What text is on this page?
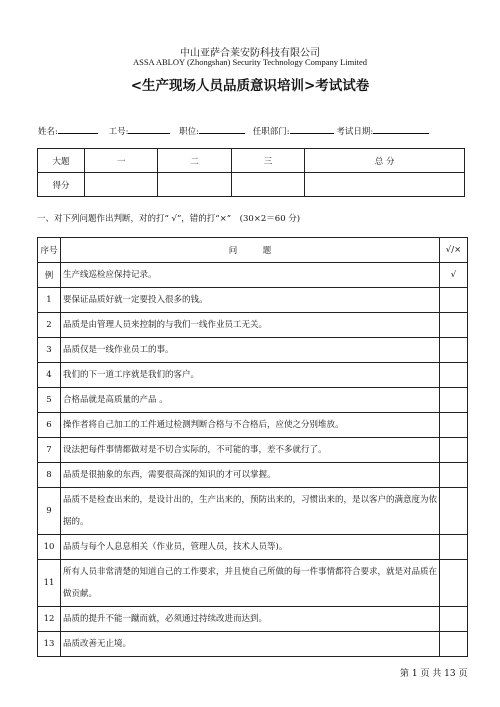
中山亚萨合莱安防科技有限公司
ASSA ABLOY (Zhongshan) Security Technology Company Limited
<生产现场人员品质意识培训>考试试卷
姓名:	工号:	职位:	任职部门:	考试日期:
大题	一	二	三	总 分
得分				
一、对下列问题作出判断，对的打“ √”，错的打“×”　(30×2＝60 分)
序号	问　　　题	√/×
例	生产线巡检应保持记录。	√
1	要保证品质好就一定要投入很多的钱。	
2	品质是由管理人员来控制的与我们一线作业员工无关。	
3	品质仅是一线作业员工的事。	
4	我们的下一道工序就是我们的客户。	
5	合格品就是高质量的产品 。	
6	操作者将自己加工的工件通过检测判断合格与不合格后，应使之分别堆放。	
7	设法把每件事情都做对是不切合实际的，不可能的事，差不多就行了。	
8	品质是很抽象的东西，需要很高深的知识的才可以掌握。	
9	品质不是检查出来的，是设计出的，生产出来的，预防出来的，习惯出来的，是以客户的满意度为依据的。	
10	品质与每个人息息相关（作业员，管理人员，技术人员等)。	
11	所有人员非常清楚的知道自己的工作要求，并且使自己所做的每一件事情都符合要求，就是对品质在做贡献。	
12	品质的提升不能一蹴而就，必须通过持续改进而达到。	
13	品质改善无止境。	
第 1 页 共 13 页
